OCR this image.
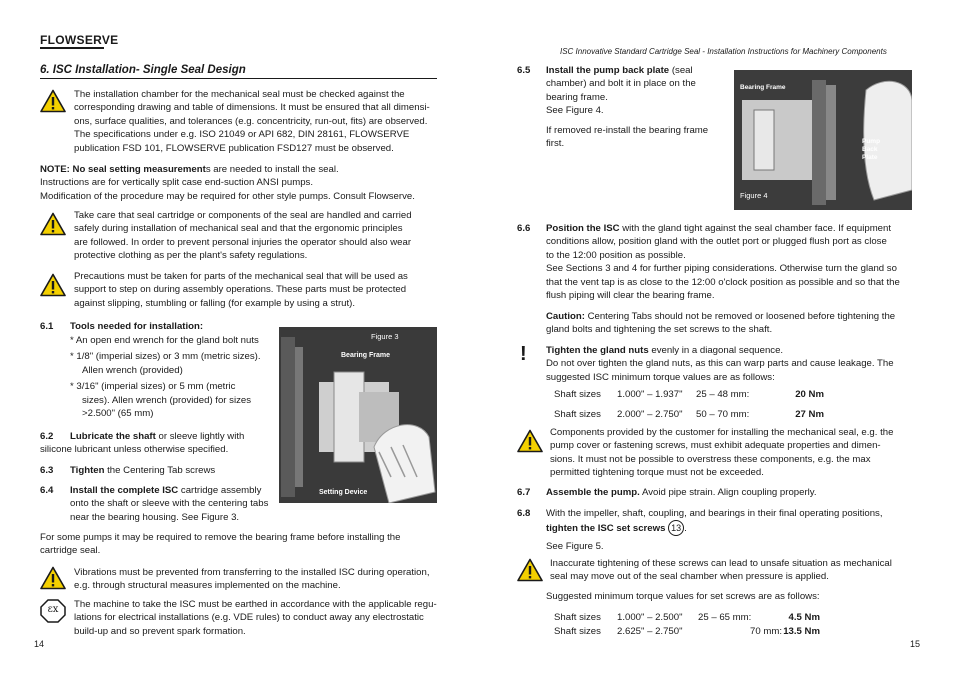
FLOWSERVE
ISC Innovative Standard Cartridge Seal - Installation Instructions for Machinery Components
6. ISC Installation- Single Seal Design
The installation chamber for the mechanical seal must be checked against the
corresponding drawing and table of dimensions. It must be ensured that all dimensi-
ons, surface qualities, and tolerances (e.g. concentricity, run-out, fits) are observed.
The specifications under e.g. ISO 21049 or API 682, DIN 28161, FLOWSERVE
publication FSD 101, FLOWSERVE publication FSD127 must be observed.
NOTE: No seal setting measurements are needed to install the seal.
Instructions are for vertically split case end-suction ANSI pumps.
Modification of the procedure may be required for other style pumps. Consult Flowserve.
Take care that seal cartridge or components of the seal are handled and carried
safely during installation of mechanical seal and that the ergonomic principles
are followed. In order to prevent personal injuries the operator should also wear
protective clothing as per the plant's safety regulations.
Precautions must be taken for parts of the mechanical seal that will be used as
support to step on during assembly operations. These parts must be protected
against slipping, stumbling or falling (for example by using a strut).
6.1 Tools needed for installation:
* An open end wrench for the gland bolt nuts
* 1/8" (imperial sizes) or 3 mm (metric sizes).
Allen wrench (provided)
* 3/16" (imperial sizes) or 5 mm (metric
sizes). Allen wrench (provided) for sizes
>2.500" (65 mm)
6.2 Lubricate the shaft or sleeve lightly with
silicone lubricant unless otherwise specified.
6.3 Tighten the Centering Tab screws
6.4 Install the complete ISC cartridge assembly
onto the shaft or sleeve with the centering tabs
near the bearing housing. See Figure 3.
Figure 3
Bearing Frame
Setting Device
For some pumps it may be required to remove the bearing frame before installing the
cartridge seal.
Vibrations must be prevented from transferring to the installed ISC during operation,
e.g. through structural measures implemented on the machine.
εx	The machine to take the ISC must be earthed in accordance with the applicable regu-
lations for electrical installations (e.g. VDE rules) to conduct away any electrostatic
build-up and so prevent spark formation.
14
6.5 Install the pump back plate (seal
chamber) and bolt it in place on the
bearing frame.
See Figure 4.
If removed re-install the bearing frame
first.
Bearing Frame
Pump
Back
Plate
Figure 4
6.6 Position the ISC with the gland tight against the seal chamber face. If equipment
conditions allow, position gland with the outlet port or plugged flush port as close
to the 12:00 position as possible.
See Sections 3 and 4 for further piping considerations. Otherwise turn the gland so
that the vent tap is as close to the 12:00 o'clock position as possible and so that the
flush piping will clear the bearing frame.
Caution: Centering Tabs should not be removed or loosened before tightening the
gland bolts and tightening the set screws to the shaft.
! Tighten the gland nuts evenly in a diagonal sequence.
Do not over tighten the gland nuts, as this can warp parts and cause leakage. The
suggested ISC minimum torque values are as follows:
Shaft sizes	1.000" – 1.937"	25 – 48 mm:	20 Nm
Shaft sizes	2.000" – 2.750"	50 – 70 mm:	27 Nm
Components provided by the customer for installing the mechanical seal, e.g. the
pump cover or fastening screws, must exhibit adequate properties and dimen-
sions. It must not be possible to overstress these components, e.g. the max
permitted tightening torque must not be exceeded.
6.7 Assemble the pump. Avoid pipe strain. Align coupling properly.
6.8 With the impeller, shaft, coupling, and bearings in their final operating positions,
tighten the ISC set screws 13 .
See Figure 5.
Inaccurate tightening of these screws can lead to unsafe situation as mechanical
seal may move out of the seal chamber when pressure is applied.
Suggested minimum torque values for set screws are as follows:
Shaft sizes	1.000" – 2.500"	25 – 65 mm:	4.5 Nm
Shaft sizes	2.625" – 2.750"	70 mm: 13.5 Nm
15
